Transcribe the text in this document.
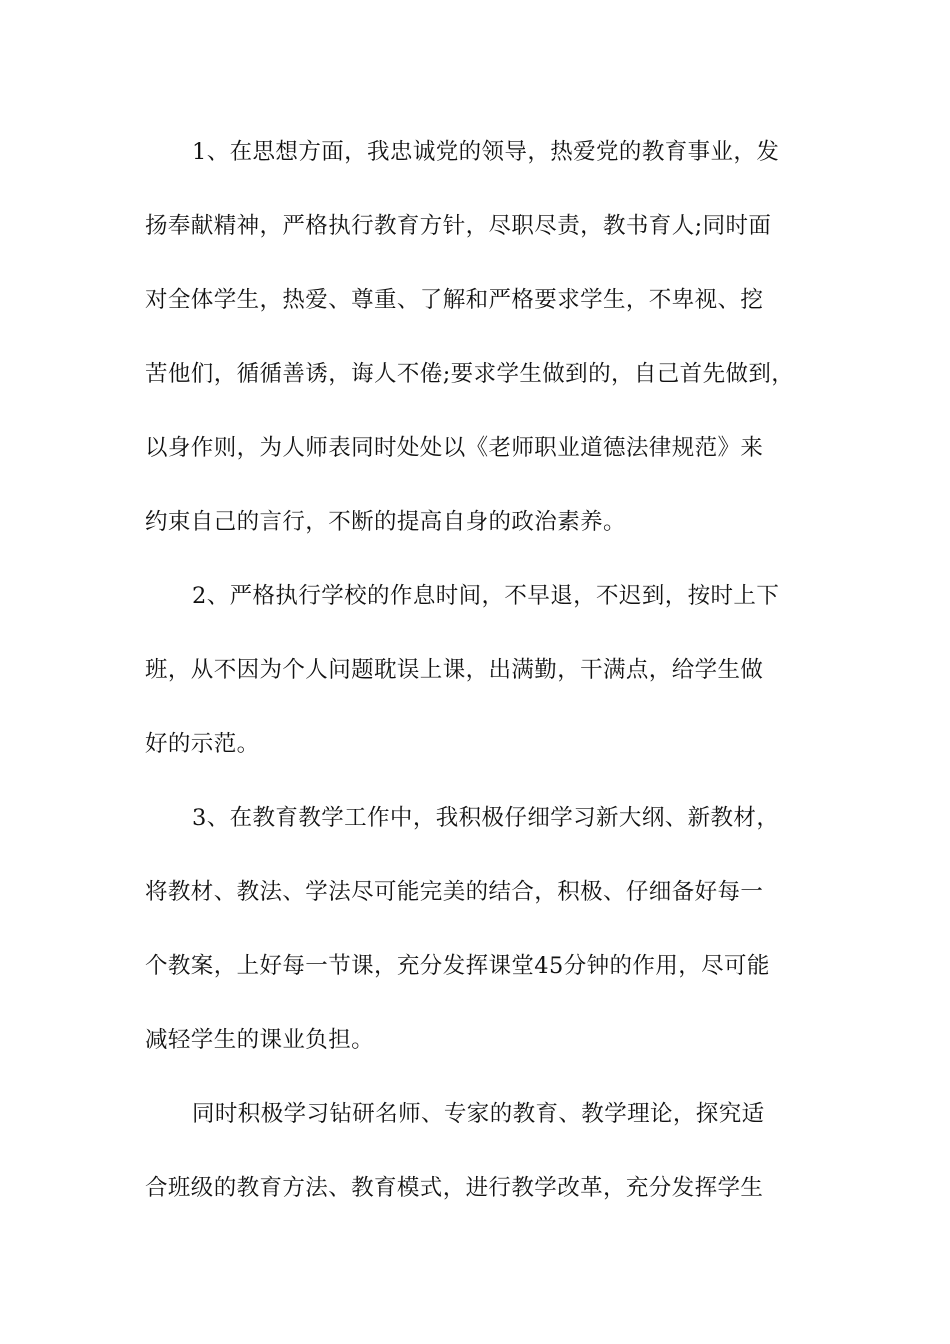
1、在思想方面，我忠诚党的领导，热爱党的教育事业，发
扬奉献精神，严格执行教育方针，尽职尽责，教书育人;同时面
对全体学生，热爱、尊重、了解和严格要求学生，不卑视、挖
苦他们，循循善诱，诲人不倦;要求学生做到的，自己首先做到，
以身作则，为人师表同时处处以《老师职业道德法律规范》来
约束自己的言行，不断的提高自身的政治素养。
2、严格执行学校的作息时间，不早退，不迟到，按时上下
班，从不因为个人问题耽误上课，出满勤，干满点，给学生做
好的示范。
3、在教育教学工作中，我积极仔细学习新大纲、新教材，
将教材、教法、学法尽可能完美的结合，积极、仔细备好每一
个教案，上好每一节课，充分发挥课堂45分钟的作用，尽可能
减轻学生的课业负担。
同时积极学习钻研名师、专家的教育、教学理论，探究适
合班级的教育方法、教育模式，进行教学改革，充分发挥学生
